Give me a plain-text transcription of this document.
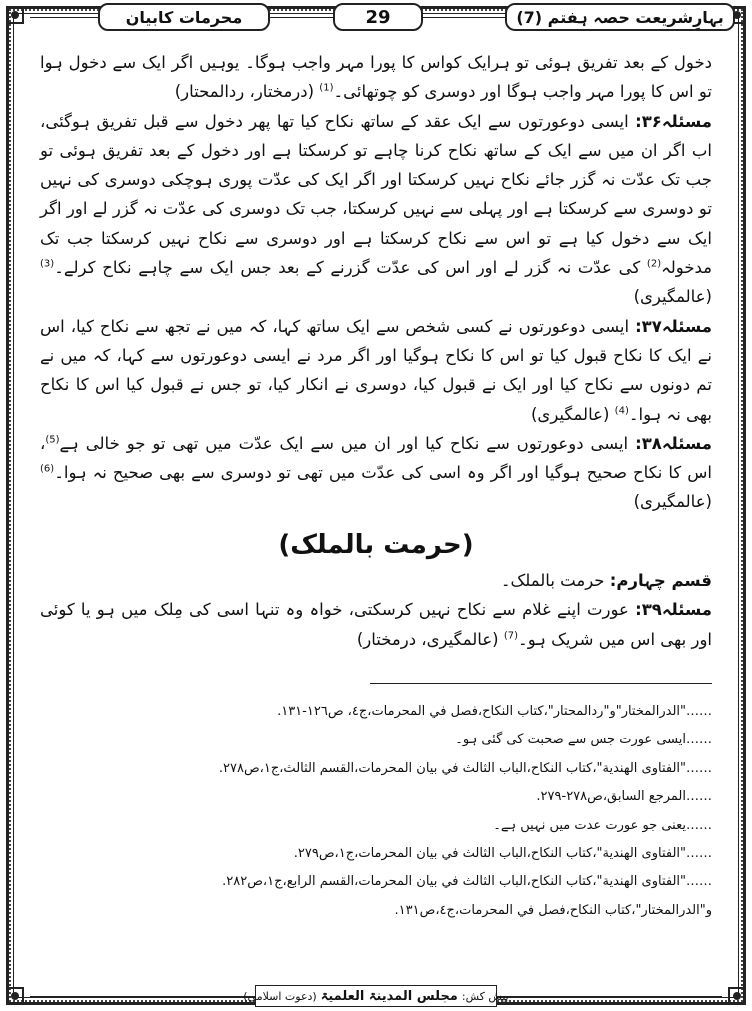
بہارِشریعت حصہ ہفتم (7)
29
محرمات کابیان

دخول کے بعد تفریق ہوئی تو ہرایک کواس کا پورا مہر واجب ہوگا۔ یوہیں اگر ایک سے دخول ہوا تو اس کا پورا مہر واجب ہوگا اور دوسری کو چوتھائی۔$^{(1)}$ (درمختار، ردالمحتار)

مسئلہ۳۶: ایسی دوعورتوں سے ایک عقد کے ساتھ نکاح کیا تھا پھر دخول سے قبل تفریق ہوگئی، اب اگر ان میں سے ایک کے ساتھ نکاح کرنا چاہے تو کرسکتا ہے اور دخول کے بعد تفریق ہوئی تو جب تک عدّت نہ گزر جائے نکاح نہیں کرسکتا اور اگر ایک کی عدّت پوری ہوچکی دوسری کی نہیں تو دوسری سے کرسکتا ہے اور پہلی سے نہیں کرسکتا، جب تک دوسری کی عدّت نہ گزر لے اور اگر ایک سے دخول کیا ہے تو اس سے نکاح کرسکتا ہے اور دوسری سے نکاح نہیں کرسکتا جب تک مدخولہ$^{(2)}$ کی عدّت نہ گزر لے اور اس کی عدّت گزرنے کے بعد جس ایک سے چاہے نکاح کرلے۔$^{(3)}$ (عالمگیری)

مسئلہ۳۷: ایسی دوعورتوں نے کسی شخص سے ایک ساتھ کہا، کہ میں نے تجھ سے نکاح کیا، اس نے ایک کا نکاح قبول کیا تو اس کا نکاح ہوگیا اور اگر مرد نے ایسی دوعورتوں سے کہا، کہ میں نے تم دونوں سے نکاح کیا اور ایک نے قبول کیا، دوسری نے انکار کیا، تو جس نے قبول کیا اس کا نکاح بھی نہ ہوا۔$^{(4)}$ (عالمگیری)

مسئلہ۳۸: ایسی دوعورتوں سے نکاح کیا اور ان میں سے ایک عدّت میں تھی تو جو خالی ہے$^{(5)}$، اس کا نکاح صحیح ہوگیا اور اگر وہ اسی کی عدّت میں تھی تو دوسری سے بھی صحیح نہ ہوا۔$^{(6)}$ (عالمگیری)

(حرمت بالملک)

قسم چہارم: حرمت بالملک۔

مسئلہ۳۹: عورت اپنے غلام سے نکاح نہیں کرسکتی، خواہ وہ تنہا اسی کی مِلک میں ہو یا کوئی اور بھی اس میں شریک ہو۔$^{(7)}$ (عالمگیری، درمختار)

……"الدرالمختار"و"ردالمحتار"،كتاب النكاح،فصل في المحرمات،ج٤، ص١٢٦-١٣١.
……ایسی عورت جس سے صحبت کی گئی ہو۔
……"الفتاوى الهندية"،كتاب النكاح،الباب الثالث في بيان المحرمات،القسم الثالث،ج١،ص٢٧٨.
……المرجع السابق،ص٢٧٨-٢٧٩.
……یعنی جو عورت عدت میں نہیں ہے۔
……"الفتاوى الهندية"،كتاب النكاح،الباب الثالث في بيان المحرمات،ج١،ص٢٧٩.
……"الفتاوى الهندية"،كتاب النكاح،الباب الثالث في بيان المحرمات،القسم الرابع،ج١،ص٢٨٢.
و"الدرالمختار"،كتاب النكاح،فصل في المحرمات،ج٤،ص١٣١.
پیش کش:
مجلس المدینۃ العلمیۃ
(دعوت اسلامی)
